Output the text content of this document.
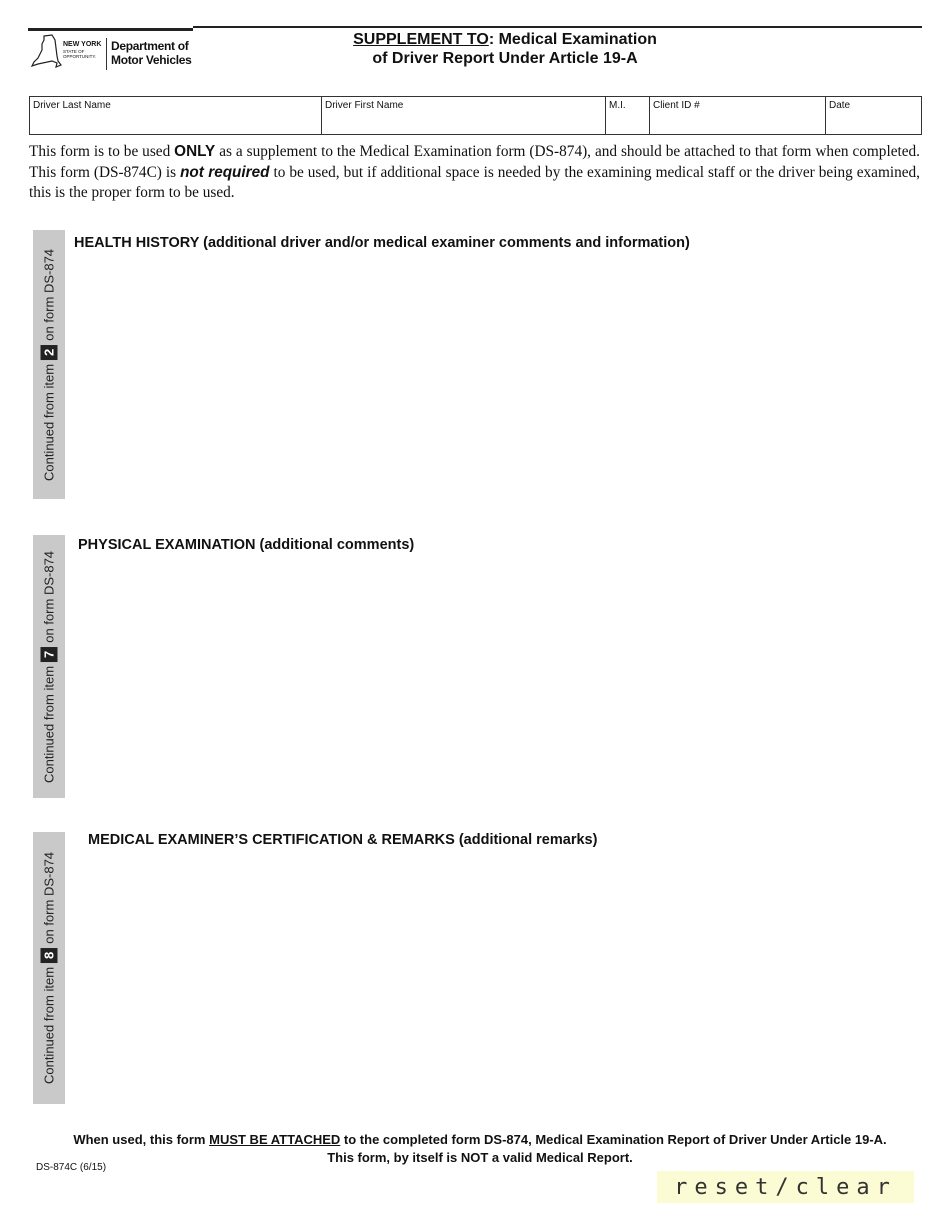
NEW YORK
STATE OF OPPORTUNITY.
Department of
Motor Vehicles
SUPPLEMENT TO: Medical Examination
of Driver Report Under Article 19-A
Driver Last Name	Driver First Name	M.I.	Client ID #	Date
This form is to be used ONLY as a supplement to the Medical Examination form (DS-874), and should be attached to that form when completed. This form (DS-874C) is not required to be used, but if additional space is needed by the examining medical staff or the driver being examined, this is the proper form to be used.
Continued from item
2
on form DS-874
HEALTH HISTORY (additional driver and/or medical examiner comments and information)
Continued from item
7
on form DS-874
PHYSICAL EXAMINATION (additional comments)
Continued from item
8
on form DS-874
MEDICAL EXAMINER’S CERTIFICATION & REMARKS (additional remarks)
When used, this form MUST BE ATTACHED to the completed form DS-874, Medical Examination Report of Driver Under Article 19-A.
This form, by itself is NOT a valid Medical Report.
DS-874C (6/15)
reset/clear
